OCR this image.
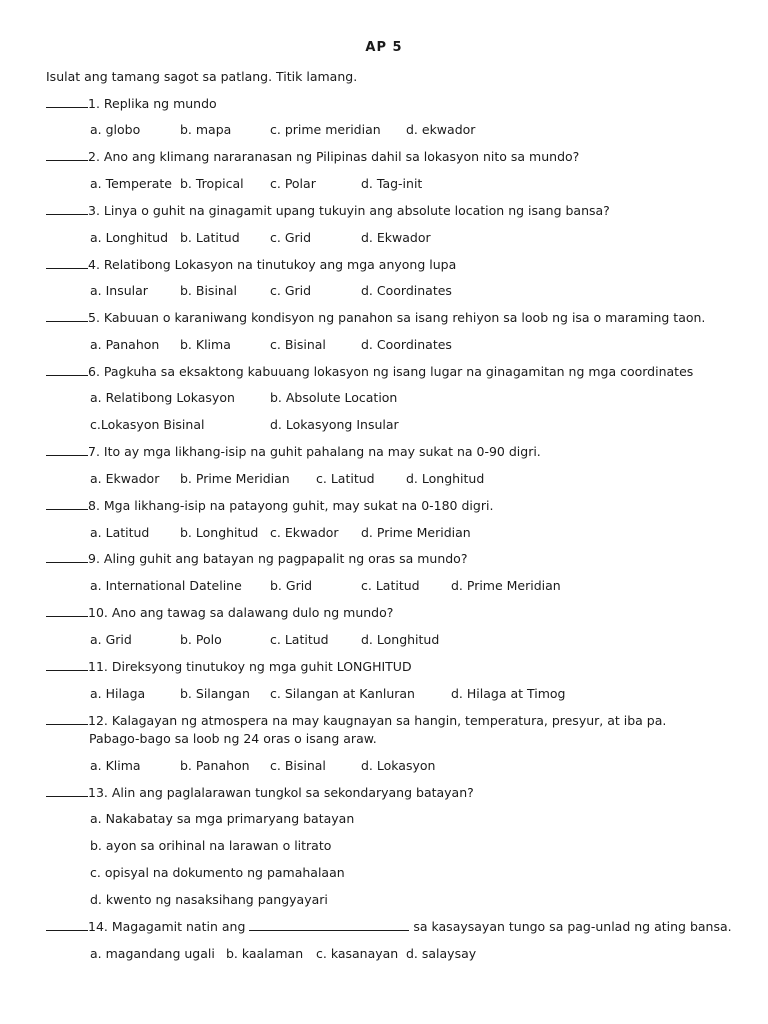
AP 5
Isulat ang tamang sagot sa patlang. Titik lamang.
1. Replika ng mundo
a. globo	b. mapa	c. prime meridian d. ekwador
2. Ano ang klimang nararanasan ng Pilipinas dahil sa lokasyon nito sa mundo?
a. Temperate b. Tropical c. Polar	d. Tag-init
3. Linya o guhit na ginagamit upang tukuyin ang absolute location ng isang bansa?
a. Longhitud b. Latitud c. Grid	d. Ekwador
4. Relatibong Lokasyon na tinutukoy ang mga anyong lupa
a. Insular	b. Bisinal	c. Grid	d. Coordinates
5. Kabuuan o karaniwang kondisyon ng panahon sa isang rehiyon sa loob ng isa o maraming taon.
a. Panahon b. Klima	c. Bisinal	d. Coordinates
6. Pagkuha sa eksaktong kabuuang lokasyon ng isang lugar na ginagamitan ng mga coordinates
a. Relatibong Lokasyon	b. Absolute Location
c.Lokasyon Bisinal	d. Lokasyong Insular
7. Ito ay mga likhang-isip na guhit pahalang na may sukat na 0-90 digri.
a. Ekwador b. Prime Meridian c. Latitud	d. Longhitud
8. Mga likhang-isip na patayong guhit, may sukat na 0-180 digri.
a. Latitud b. Longhitud c. Ekwador d. Prime Meridian
9. Aling guhit ang batayan ng pagpapalit ng oras sa mundo?
a. International Dateline b. Grid	c. Latitud	d. Prime Meridian
10. Ano ang tawag sa dalawang dulo ng mundo?
a. Grid	b. Polo	c. Latitud	d. Longhitud
11. Direksyong tinutukoy ng mga guhit LONGHITUD
a. Hilaga	b. Silangan c. Silangan at Kanluran	d. Hilaga at Timog
12. Kalagayan ng atmospera na may kaugnayan sa hangin, temperatura, presyur, at iba pa.
Pabago-bago sa loob ng 24 oras o isang araw.
a. Klima	b. Panahon c. Bisinal	d. Lokasyon
13. Alin ang paglalarawan tungkol sa sekondaryang batayan?
a. Nakabatay sa mga primaryang batayan
b. ayon sa orihinal na larawan o litrato
c. opisyal na dokumento ng pamahalaan
d. kwento ng nasaksihang pangyayari
14. Magagamit natin ang	sa kasaysayan tungo sa pag-unlad ng ating bansa.
a. magandang ugali b. kaalaman c. kasanayan d. salaysay
